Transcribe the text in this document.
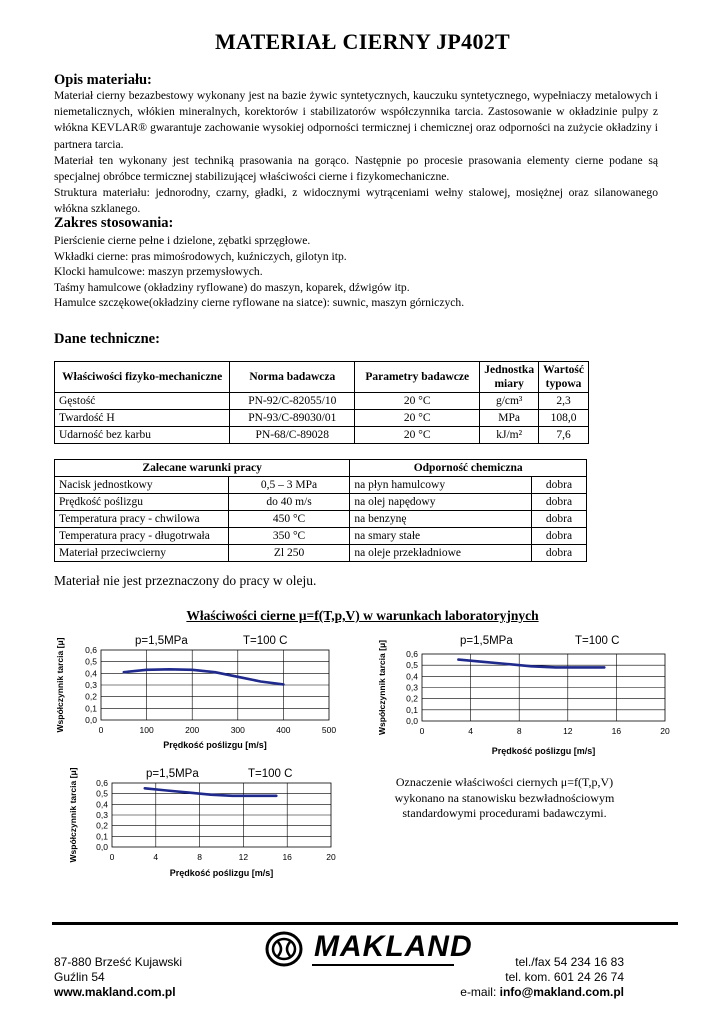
MATERIAŁ CIERNY JP402T
Opis materiału:

Materiał cierny bezazbestowy wykonany jest na bazie żywic syntetycznych, kauczuku syntetycznego, wypełniaczy metalowych i niemetalicznych, włókien mineralnych, korektorów i stabilizatorów współczynnika tarcia. Zastosowanie w okładzinie pulpy z włókna KEVLAR® gwarantuje zachowanie wysokiej odporności termicznej i chemicznej oraz odporności na zużycie okładziny i partnera tarcia.

Materiał ten wykonany jest techniką prasowania na gorąco. Następnie po procesie prasowania elementy cierne podane są specjalnej obróbce termicznej stabilizującej właściwości cierne i fizykomechaniczne.

Struktura materiału: jednorodny, czarny, gładki, z widocznymi wytrąceniami wełny stalowej, mosiężnej oraz silanowanego włókna szklanego.

Zakres stosowania:
Pierścienie cierne pełne i dzielone, zębatki sprzęgłowe.
Wkładki cierne: pras mimośrodowych, kuźniczych, gilotyn itp.
Klocki hamulcowe: maszyn przemysłowych.
Taśmy hamulcowe (okładziny ryflowane) do maszyn, koparek, dźwigów itp.
Hamulce szczękowe(okładziny cierne ryflowane na siatce): suwnic, maszyn górniczych.
Dane techniczne:
Właściwości fizyko-mechaniczne	Norma badawcza	Parametry badawcze	Jednostka miary	Wartość typowa
Gęstość	PN-92/C-82055/10	20 °C	g/cm³	2,3
Twardość H	PN-93/C-89030/01	20 °C	MPa	108,0
Udarność bez karbu	PN-68/C-89028	20 °C	kJ/m²	7,6
Zalecane warunki pracy		Odporność chemiczna	
Nacisk jednostkowy	0,5 – 3 MPa	na płyn hamulcowy	dobra
Prędkość poślizgu	do 40 m/s	na olej napędowy	dobra
Temperatura pracy - chwilowa	450 °C	na benzynę	dobra
Temperatura pracy - długotrwała	350 °C	na smary stałe	dobra
Materiał przeciwcierny	Zl 250	na oleje przekładniowe	dobra
Materiał nie jest przeznaczony do pracy w oleju.
Właściwości cierne μ=f(T,p,V) w warunkach laboratoryjnych
0,6
0,5
0,4
0,3
0,2
0,1
0,0
0	100	200	300	400	500
p=1,5MPa	T=100 C
Prędkość poślizgu [m/s]
Współczynnik tarcia [μ]	0,6
0,5
0,4
0,3
0,2
0,1
0,0
0	4	8	12	16	20
p=1,5MPa	T=100 C
Prędkość poślizgu [m/s]
Współczynnik tarcia [μ]
0,6
0,5
0,4
0,3
0,2
0,1
0,0
0	4	8	12	16	20
p=1,5MPa	T=100 C
Prędkość poślizgu [m/s]
Współczynnik tarcia [μ]	Oznaczenie właściwości ciernych μ=f(T,p,V) wykonano na stanowisku bezwładnościowym standardowymi procedurami badawczymi.
87-880 Brześć Kujawski
Guźlin 54
www.makland.com.pl
MAKLAND	tel./fax 54 234 16 83
tel. kom. 601 24 26 74
e-mail: info@makland.com.pl
